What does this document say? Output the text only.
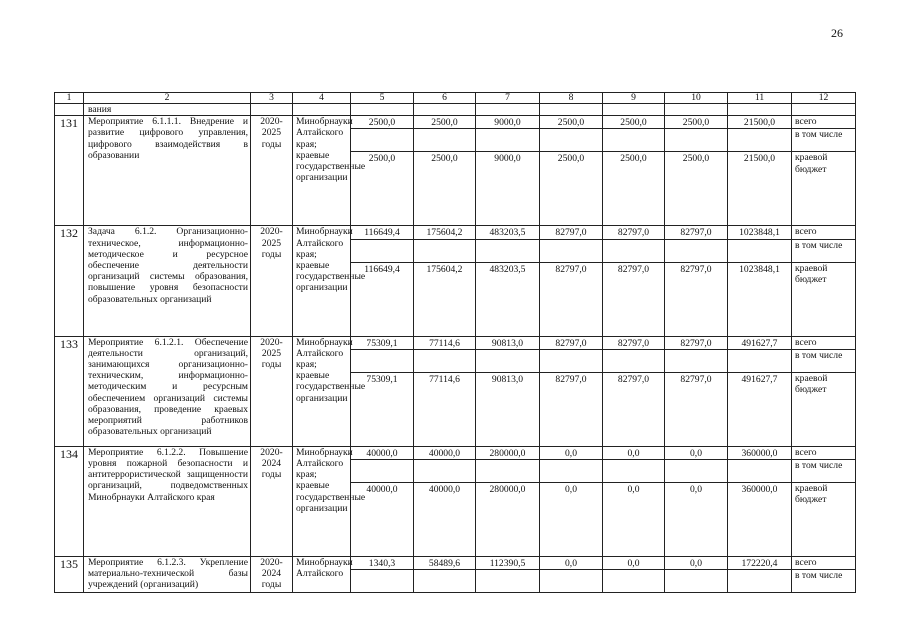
26
1	2	3	4	5	6	7	8	9	10	11	12
	вания										
131	Мероприятие 6.1.1.1. Внедрение и развитие цифрового управления, цифрового взаимодействия в образовании	2020-2025 годы	Минобрнауки Алтайского края; краевые государственные организации	2500,0	2500,0	9000,0	2500,0	2500,0	2500,0	21500,0	всего
											в том числе
				2500,0	2500,0	9000,0	2500,0	2500,0	2500,0	21500,0	краевой бюджет
132	Задача 6.1.2. Организационно-техническое, информационно-методическое и ресурсное обеспечение деятельности организаций системы образования, повышение уровня безопасности образовательных организаций	2020-2025 годы	Минобрнауки Алтайского края; краевые государственные организации	116649,4	175604,2	483203,5	82797,0	82797,0	82797,0	1023848,1	всего
											в том числе
				116649,4	175604,2	483203,5	82797,0	82797,0	82797,0	1023848,1	краевой бюджет
133	Мероприятие 6.1.2.1. Обеспечение деятельности организаций, занимающихся организационно-техническим, информационно-методическим и ресурсным обеспечением организаций системы образования, проведение краевых мероприятий работников образовательных организаций	2020-2025 годы	Минобрнауки Алтайского края; краевые государственные организации	75309,1	77114,6	90813,0	82797,0	82797,0	82797,0	491627,7	всего
											в том числе
				75309,1	77114,6	90813,0	82797,0	82797,0	82797,0	491627,7	краевой бюджет
134	Мероприятие 6.1.2.2. Повышение уровня пожарной безопасности и антитеррористической защищенности организаций, подведомственных Минобрнауки Алтайского края	2020-2024 годы	Минобрнауки Алтайского края; краевые государственные организации	40000,0	40000,0	280000,0	0,0	0,0	0,0	360000,0	всего
											в том числе
				40000,0	40000,0	280000,0	0,0	0,0	0,0	360000,0	краевой бюджет
135	Мероприятие 6.1.2.3. Укрепление материально-технической базы учреждений (организаций)	2020-2024 годы	Минобрнауки Алтайского	1340,3	58489,6	112390,5	0,0	0,0	0,0	172220,4	всего
											в том числе
